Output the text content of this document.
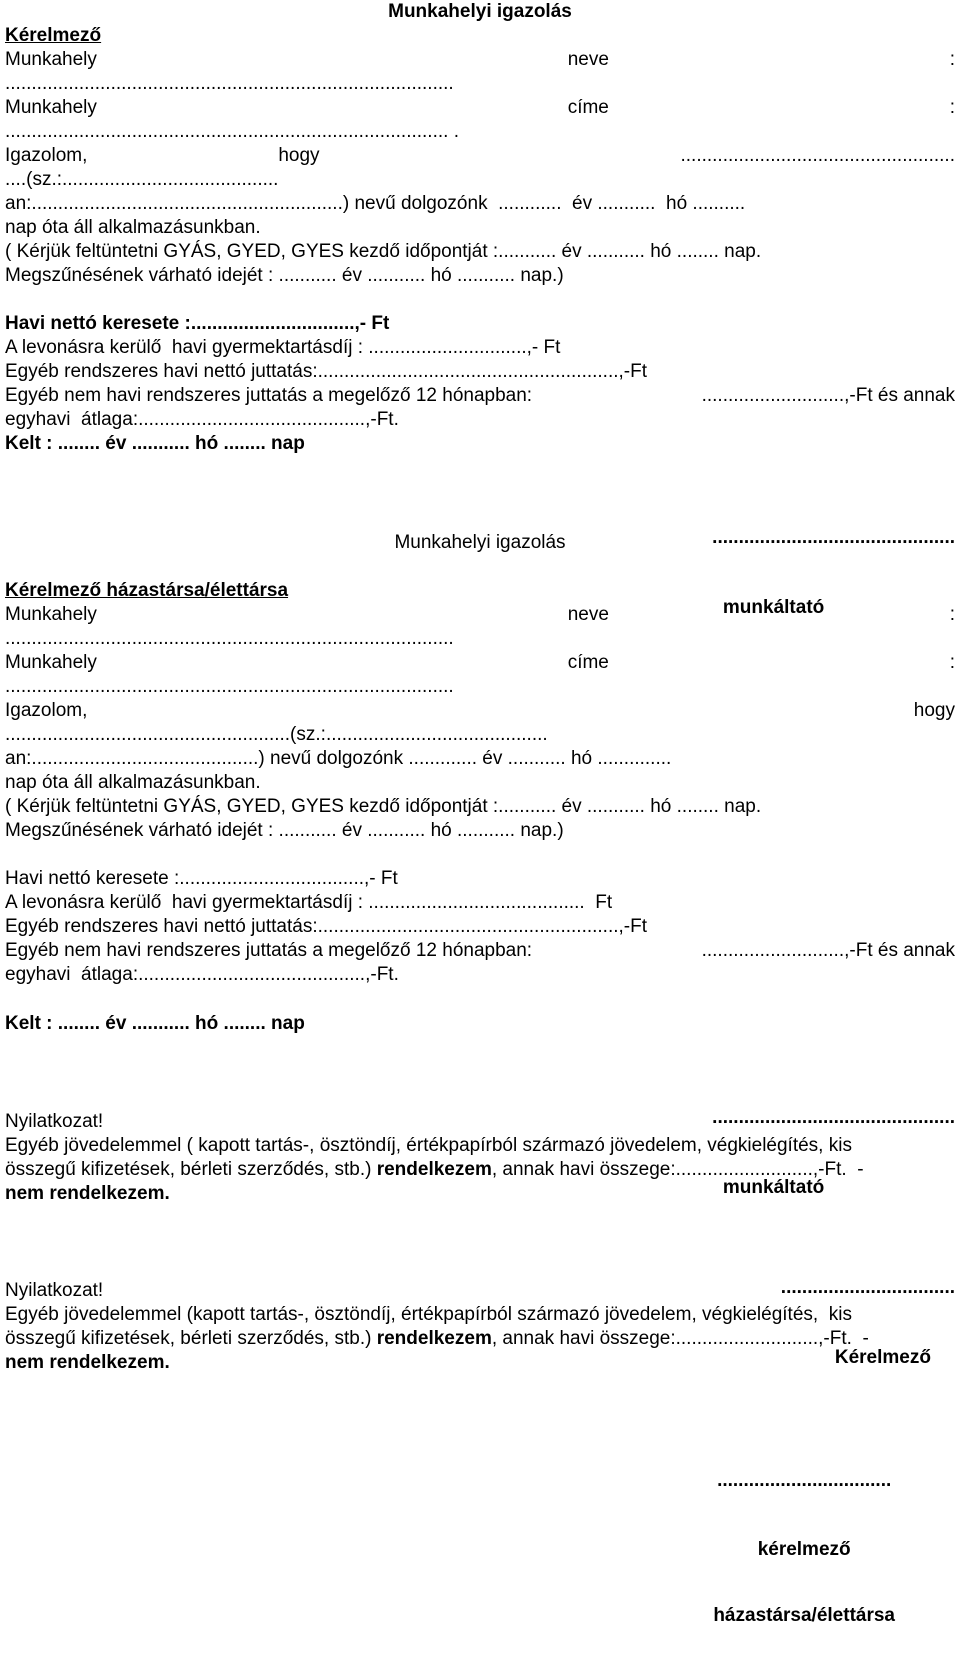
Munkahelyi igazolás
Kérelmező
Munkahely	neve	:
.....................................................................................
Munkahely	címe	:
.................................................................................... .
Igazolom,	hogy	....................................................
....(sz.:.........................................
an:...........................................................) nevű dolgozónk  ............  év ...........  hó ..........
nap óta áll alkalmazásunkban.
( Kérjük feltüntetni GYÁS, GYED, GYES kezdő időpontját :........... év ........... hó ........ nap.
Megszűnésének várható idejét : ........... év ........... hó ........... nap.)
Havi nettó keresete :...............................,- Ft
A levonásra kerülő  havi gyermektartásdíj : ..............................,- Ft
Egyéb rendszeres havi nettó juttatás:.........................................................,-Ft
Egyéb nem havi rendszeres juttatás a megelőző 12 hónapban:	...........................,-Ft és annak
egyhavi  átlaga:...........................................,-Ft.
Kelt : ........ év ........... hó ........ nap

..............................................

munkáltató

Munkahelyi igazolás
Kérelmező házastársa/élettársa
Munkahely	neve	:
.....................................................................................
Munkahely	címe	:
.....................................................................................
Igazolom,	hogy
......................................................(sz.:..........................................
an:...........................................) nevű dolgozónk ............. év ........... hó ..............
nap óta áll alkalmazásunkban.
( Kérjük feltüntetni GYÁS, GYED, GYES kezdő időpontját :........... év ........... hó ........ nap.
Megszűnésének várható idejét : ........... év ........... hó ........... nap.)
Havi nettó keresete :...................................,- Ft
A levonásra kerülő  havi gyermektartásdíj : .........................................  Ft
Egyéb rendszeres havi nettó juttatás:.........................................................,-Ft
Egyéb nem havi rendszeres juttatás a megelőző 12 hónapban:	...........................,-Ft és annak
egyhavi  átlaga:...........................................,-Ft.
Kelt : ........ év ........... hó ........ nap

..............................................

munkáltató

Nyilatkozat!
Egyéb jövedelemmel ( kapott tartás-, ösztöndíj, értékpapírból származó jövedelem, végkielégítés, kis
összegű kifizetések, bérleti szerződés, stb.) rendelkezem, annak havi összege:..........................,-Ft.  -
nem rendelkezem.

.................................

Kérelmező

Nyilatkozat!
Egyéb jövedelemmel (kapott tartás-, ösztöndíj, értékpapírból származó jövedelem, végkielégítés,  kis
összegű kifizetések, bérleti szerződés, stb.) rendelkezem, annak havi összege:...........................,-Ft.  -
nem rendelkezem.

.................................

kérelmező

házastársa/élettársa
